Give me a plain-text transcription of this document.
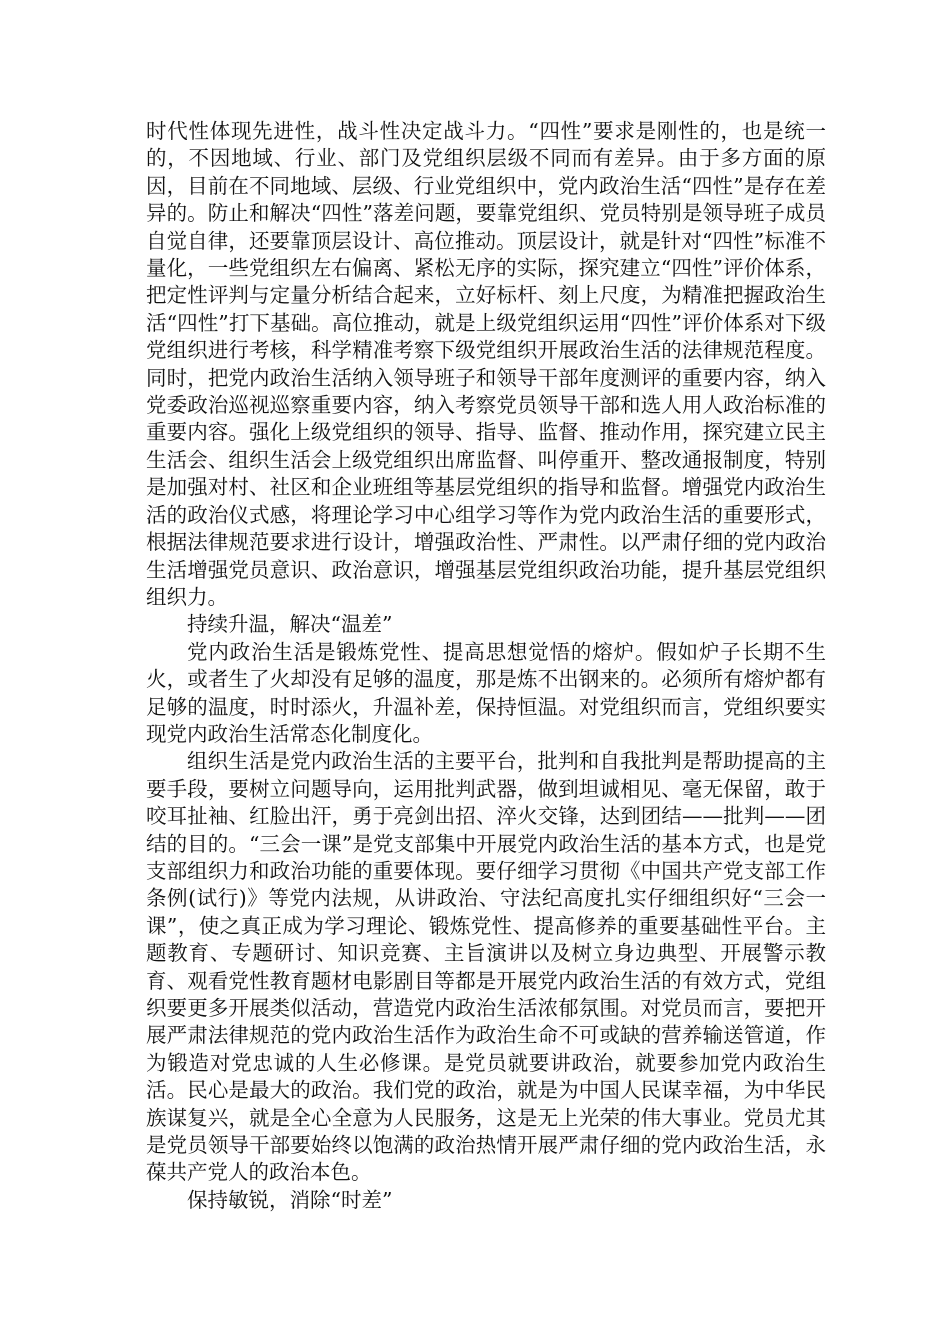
时代性体现先进性，战斗性决定战斗力。“四性”要求是刚性的，也是统一的，不因地域、行业、部门及党组织层级不同而有差异。由于多方面的原因，目前在不同地域、层级、行业党组织中，党内政治生活“四性”是存在差异的。防止和解决“四性”落差问题，要靠党组织、党员特别是领导班子成员自觉自律，还要靠顶层设计、高位推动。顶层设计，就是针对“四性”标准不量化，一些党组织左右偏离、紧松无序的实际，探究建立“四性”评价体系，把定性评判与定量分析结合起来，立好标杆、刻上尺度，为精准把握政治生活“四性”打下基础。高位推动，就是上级党组织运用“四性”评价体系对下级党组织进行考核，科学精准考察下级党组织开展政治生活的法律规范程度。同时，把党内政治生活纳入领导班子和领导干部年度测评的重要内容，纳入党委政治巡视巡察重要内容，纳入考察党员领导干部和选人用人政治标准的重要内容。强化上级党组织的领导、指导、监督、推动作用，探究建立民主生活会、组织生活会上级党组织出席监督、叫停重开、整改通报制度，特别是加强对村、社区和企业班组等基层党组织的指导和监督。增强党内政治生活的政治仪式感，将理论学习中心组学习等作为党内政治生活的重要形式，根据法律规范要求进行设计，增强政治性、严肃性。以严肃仔细的党内政治生活增强党员意识、政治意识，增强基层党组织政治功能，提升基层党组织组织力。

持续升温，解决“温差”

党内政治生活是锻炼党性、提高思想觉悟的熔炉。假如炉子长期不生火，或者生了火却没有足够的温度，那是炼不出钢来的。必须所有熔炉都有足够的温度，时时添火，升温补差，保持恒温。对党组织而言，党组织要实现党内政治生活常态化制度化。

组织生活是党内政治生活的主要平台，批判和自我批判是帮助提高的主要手段，要树立问题导向，运用批判武器，做到坦诚相见、毫无保留，敢于咬耳扯袖、红脸出汗，勇于亮剑出招、淬火交锋，达到团结——批判——团结的目的。“三会一课”是党支部集中开展党内政治生活的基本方式，也是党支部组织力和政治功能的重要体现。要仔细学习贯彻《中国共产党支部工作条例(试行)》等党内法规，从讲政治、守法纪高度扎实仔细组织好“三会一课”，使之真正成为学习理论、锻炼党性、提高修养的重要基础性平台。主题教育、专题研讨、知识竞赛、主旨演讲以及树立身边典型、开展警示教育、观看党性教育题材电影剧目等都是开展党内政治生活的有效方式，党组织要更多开展类似活动，营造党内政治生活浓郁氛围。对党员而言，要把开展严肃法律规范的党内政治生活作为政治生命不可或缺的营养输送管道，作为锻造对党忠诚的人生必修课。是党员就要讲政治，就要参加党内政治生活。民心是最大的政治。我们党的政治，就是为中国人民谋幸福，为中华民族谋复兴，就是全心全意为人民服务，这是无上光荣的伟大事业。党员尤其是党员领导干部要始终以饱满的政治热情开展严肃仔细的党内政治生活，永葆共产党人的政治本色。

保持敏锐，消除“时差”
